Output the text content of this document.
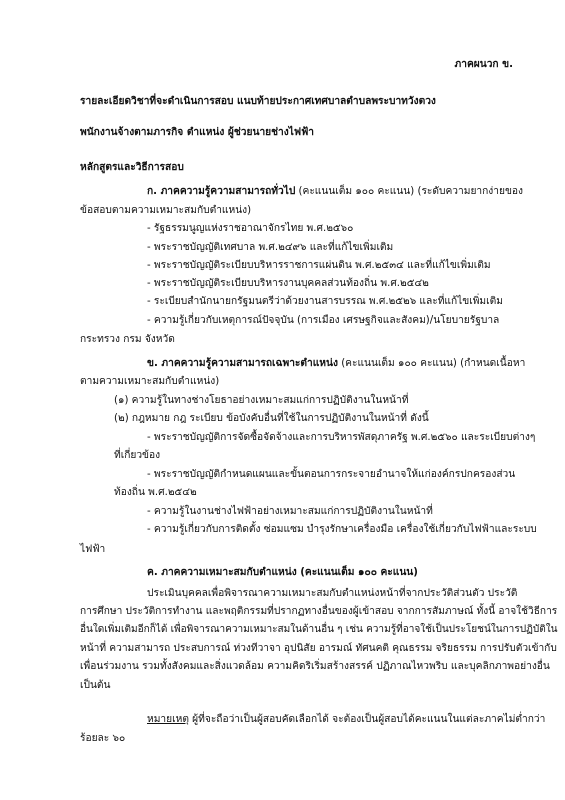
ภาคผนวก ข.
รายละเอียดวิชาที่จะดำเนินการสอบ แนบท้ายประกาศเทศบาลตำบลพระบาทวังตวง
พนักงานจ้างตามภารกิจ ตำแหน่ง ผู้ช่วยนายช่างไฟฟ้า
หลักสูตรและวิธีการสอบ
ก. ภาคความรู้ความสามารถทั่วไป (คะแนนเต็ม ๑๐๐ คะแนน) (ระดับความยากง่ายของ
ข้อสอบตามความเหมาะสมกับตำแหน่ง)
- รัฐธรรมนูญแห่งราชอาณาจักรไทย พ.ศ.๒๕๖๐
- พระราชบัญญัติเทศบาล พ.ศ.๒๔๙๖ และที่แก้ไขเพิ่มเติม
- พระราชบัญญัติระเบียบบริหารราชการแผ่นดิน พ.ศ.๒๕๓๔ และที่แก้ไขเพิ่มเติม
- พระราชบัญญัติระเบียบบริหารงานบุคคลส่วนท้องถิ่น พ.ศ.๒๕๔๒
- ระเบียบสำนักนายกรัฐมนตรีว่าด้วยงานสารบรรณ พ.ศ.๒๕๒๖ และที่แก้ไขเพิ่มเติม
- ความรู้เกี่ยวกับเหตุการณ์ปัจจุบัน (การเมือง เศรษฐกิจและสังคม)/นโยบายรัฐบาล
กระทรวง กรม จังหวัด
ข. ภาคความรู้ความสามารถเฉพาะตำแหน่ง (คะแนนเต็ม ๑๐๐ คะแนน) (กำหนดเนื้อหา
ตามความเหมาะสมกับตำแหน่ง)
(๑) ความรู้ในทางช่างโยธาอย่างเหมาะสมแก่การปฏิบัติงานในหน้าที่
(๒) กฎหมาย กฎ ระเบียบ ข้อบังคับอื่นที่ใช้ในการปฏิบัติงานในหน้าที่ ดังนี้
- พระราชบัญญัติการจัดซื้อจัดจ้างและการบริหารพัสดุภาครัฐ พ.ศ.๒๕๖๐ และระเบียบต่างๆ
ที่เกี่ยวข้อง
- พระราชบัญญัติกำหนดแผนและขั้นตอนการกระจายอำนาจให้แก่องค์กรปกครองส่วน
ท้องถิ่น พ.ศ.๒๕๔๒
- ความรู้ในงานช่างไฟฟ้าอย่างเหมาะสมแก่การปฏิบัติงานในหน้าที่
- ความรู้เกี่ยวกับการติดตั้ง ซ่อมแซม บำรุงรักษาเครื่องมือ เครื่องใช้เกี่ยวกับไฟฟ้าและระบบ
ไฟฟ้า
ค. ภาคความเหมาะสมกับตำแหน่ง (คะแนนเต็ม ๑๐๐ คะแนน)
ประเมินบุคคลเพื่อพิจารณาความเหมาะสมกับตำแหน่งหน้าที่จากประวัติส่วนตัว ประวัติ
การศึกษา ประวัติการทำงาน และพฤติกรรมที่ปรากฏทางอื่นของผู้เข้าสอบ จากการสัมภาษณ์ ทั้งนี้ อาจใช้วิธีการ
อื่นใดเพิ่มเติมอีกก็ได้ เพื่อพิจารณาความเหมาะสมในด้านอื่น ๆ เช่น ความรู้ที่อาจใช้เป็นประโยชน์ในการปฏิบัติใน
หน้าที่ ความสามารถ ประสบการณ์ ท่วงทีวาจา อุปนิสัย อารมณ์ ทัศนคติ คุณธรรม จริยธรรม การปรับตัวเข้ากับ
เพื่อนร่วมงาน รวมทั้งสังคมและสิ่งแวดล้อม ความคิดริเริ่มสร้างสรรค์ ปฏิภาณไหวพริบ และบุคลิกภาพอย่างอื่น
เป็นต้น
หมายเหตุ ผู้ที่จะถือว่าเป็นผู้สอบคัดเลือกได้ จะต้องเป็นผู้สอบได้คะแนนในแต่ละภาคไม่ต่ำกว่า
ร้อยละ ๖๐
